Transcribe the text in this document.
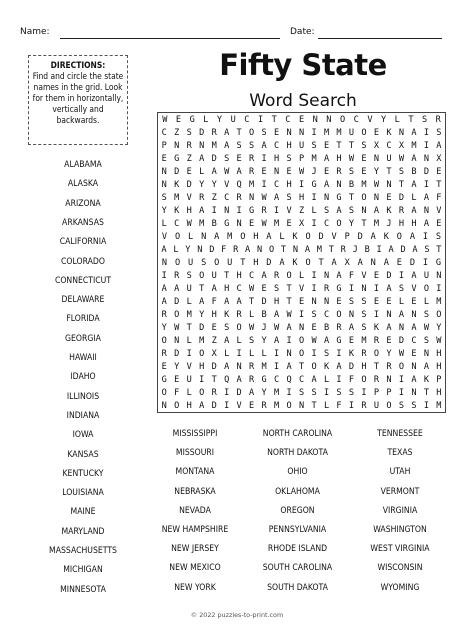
Name:	Date:
DIRECTIONS:
Find and circle the state names in the grid. Look for them in horizontally, vertically and backwards.
Fifty State
Word Search
W E G L Y U C I T C E N N O C V Y L T S R
C Z S D R A T O S E N N I M M U O E K N A I S
P N R N M A S S A C H U S E T T S X C X M I A
E G Z A D S E R I H S P M A H W E N U W A N X
N D E L A W A R E N E W J E R S E Y T S B D E
N K D Y Y V Q M I C H I G A N B M W N T A I T
S M V R Z C R N W A S H I N G T O N E D L A F
Y K H A I N I G R I V Z L S A S N A K R A N V
L C W M B G N E W M E X I C O Y T M J H H A E
V O L N A M O H A L K O D V P D A K O A I S
A L Y N D F R A N O T N A M T R J B I A D A S T
N O U S O U T H D A K O T A X A N A E D I G
I R S O U T H C A R O L I N A F V E D I A U N
A A U T A H C W E S T V I R G I N I A S V O I
A D L A F A A T D H T E N N E S S E E L E L M
R O M Y H K R L B A W I S C O N S I N A N S O
Y W T D E S O W J W A N E B R A S K A N A W Y
O N L M Z A L S Y A I O W A G E M R E D C S W
R D I O X L I L L I N O I S I K R O Y W E N H
E Y V H D A N R M I A T O K A D H T R O N A H
G E U I T Q A R G C Q C A L I F O R N I A K P
O F L O R I D A Y M I S S I S S I P P I N T H
N O H A D I V E R M O N T L F I R U O S S I M
ALABAMA
ALASKA
ARIZONA
ARKANSAS
CALIFORNIA
COLORADO
CONNECTICUT
DELAWARE
FLORIDA
GEORGIA
HAWAII
IDAHO
ILLINOIS
INDIANA
IOWA
KANSAS
KENTUCKY
LOUISIANA
MAINE
MARYLAND
MASSACHUSETTS
MICHIGAN
MINNESOTA
MISSISSIPPI
MISSOURI
MONTANA
NEBRASKA
NEVADA
NEW HAMPSHIRE
NEW JERSEY
NEW MEXICO
NEW YORK
NORTH CAROLINA
NORTH DAKOTA
OHIO
OKLAHOMA
OREGON
PENNSYLVANIA
RHODE ISLAND
SOUTH CAROLINA
SOUTH DAKOTA
TENNESSEE
TEXAS
UTAH
VERMONT
VIRGINIA
WASHINGTON
WEST VIRGINIA
WISCONSIN
WYOMING
© 2022 puzzles-to-print.com
